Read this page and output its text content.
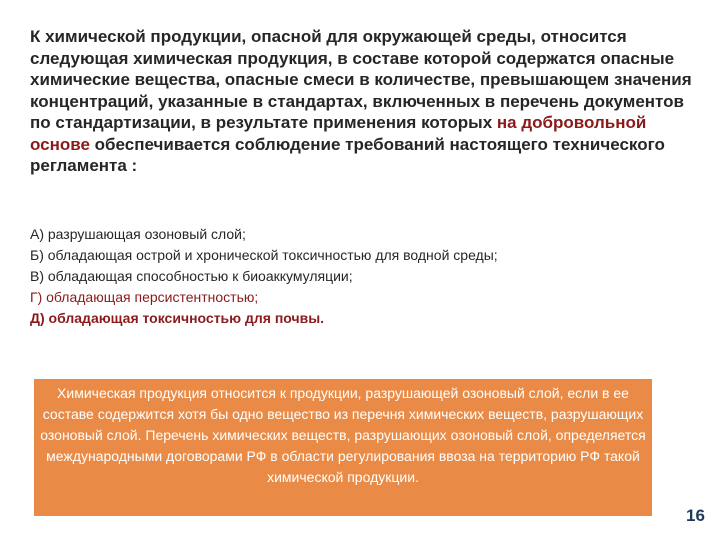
К химической продукции, опасной для окружающей среды, относится следующая химическая продукция, в составе которой содержатся опасные химические вещества, опасные смеси в количестве, превышающем значения концентраций, указанные в стандартах, включенных в перечень документов по стандартизации, в результате применения которых на добровольной основе обеспечивается соблюдение требований настоящего технического регламента :

А) разрушающая озоновый слой;
Б) обладающая острой и хронической токсичностью для водной среды;
В) обладающая способностью к биоаккумуляции;
Г) обладающая персистентностью;
Д) обладающая токсичностью для почвы.
Химическая продукция относится к продукции, разрушающей озоновый слой, если в ее составе содержится хотя бы одно вещество из перечня химических веществ, разрушающих озоновый слой. Перечень химических веществ, разрушающих озоновый слой, определяется международными договорами РФ в области регулирования ввоза на территорию РФ такой химической продукции.
16
